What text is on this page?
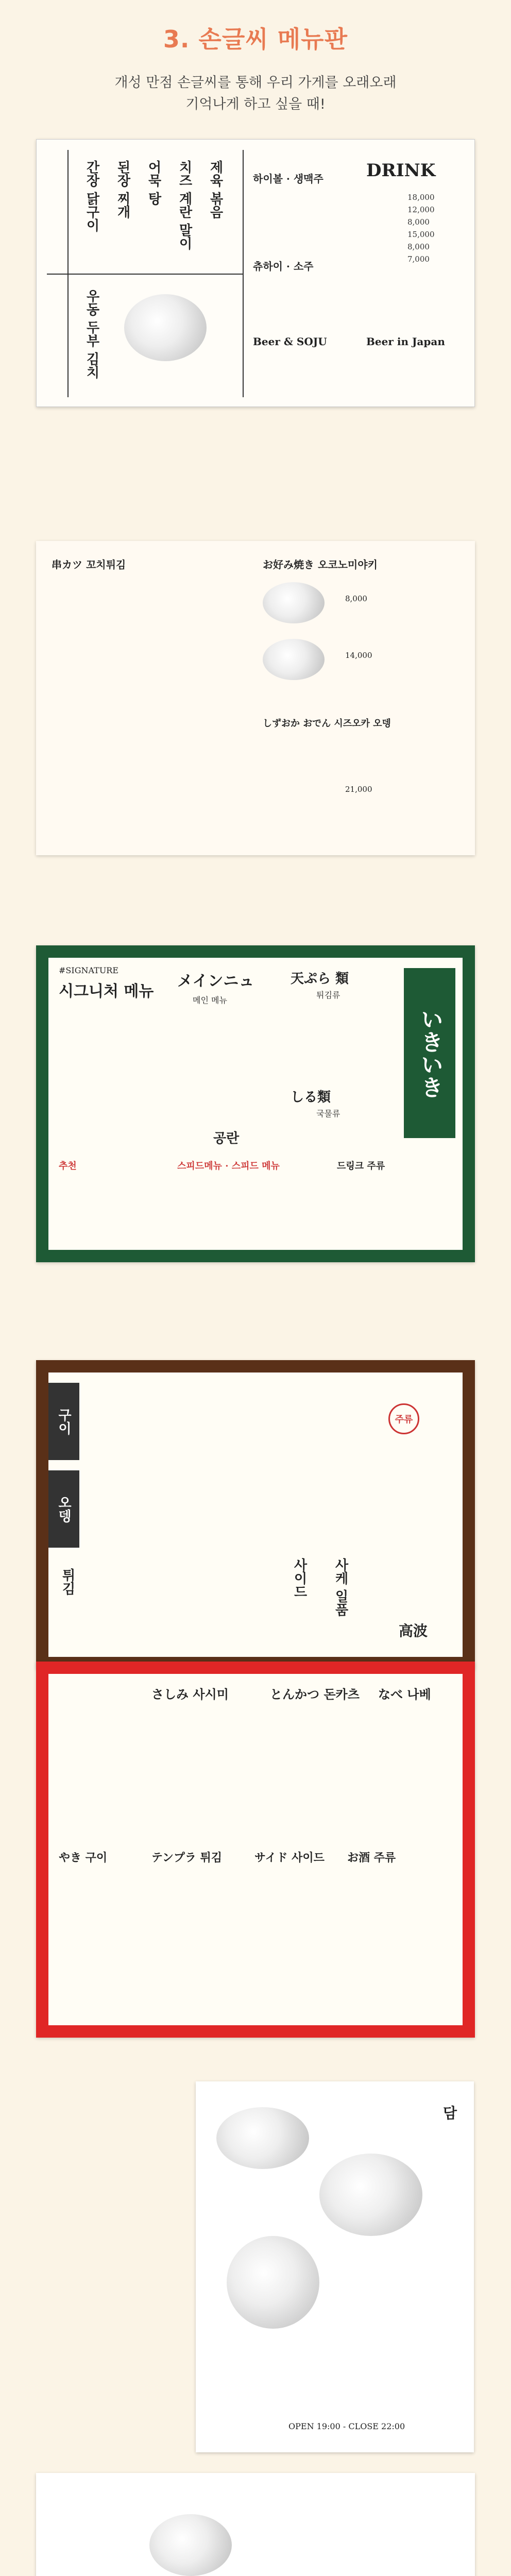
3. 손글씨 메뉴판
개성 만점 손글씨를 통해 우리 가게를 오래오래
기억나게 하고 싶을 때!
간장 닭구이 된장 찌개 어묵 탕 치즈 계란 말이 제육 볶음
우동 두부 김치
DRINK
하이볼 · 생맥주
츄하이 · 소주
Beer & SOJU	Beer in Japan
18,000
12,000
8,000
15,000
8,000
7,000
串カツ 꼬치튀김	お好み焼き 오코노미야키
8,000
14,000
しずおか おでん 시즈오카 오뎅
21,000
#SIGNATURE
시그니처 메뉴
メインニュ
메인 메뉴
天ぷら 類
튀김류
しる類
국물류
いきいき
공란
추천	스피드메뉴 · 스피드 메뉴	드링크 주류
구이
오뎅
튀김	사이드 사케 일품
주류
高波
さしみ 사시미	とんかつ 돈카츠 なべ 나베
やき 구이	テンプラ 튀김	サイド 사이드 お酒 주류
담
OPEN 19:00 - CLOSE 22:00
